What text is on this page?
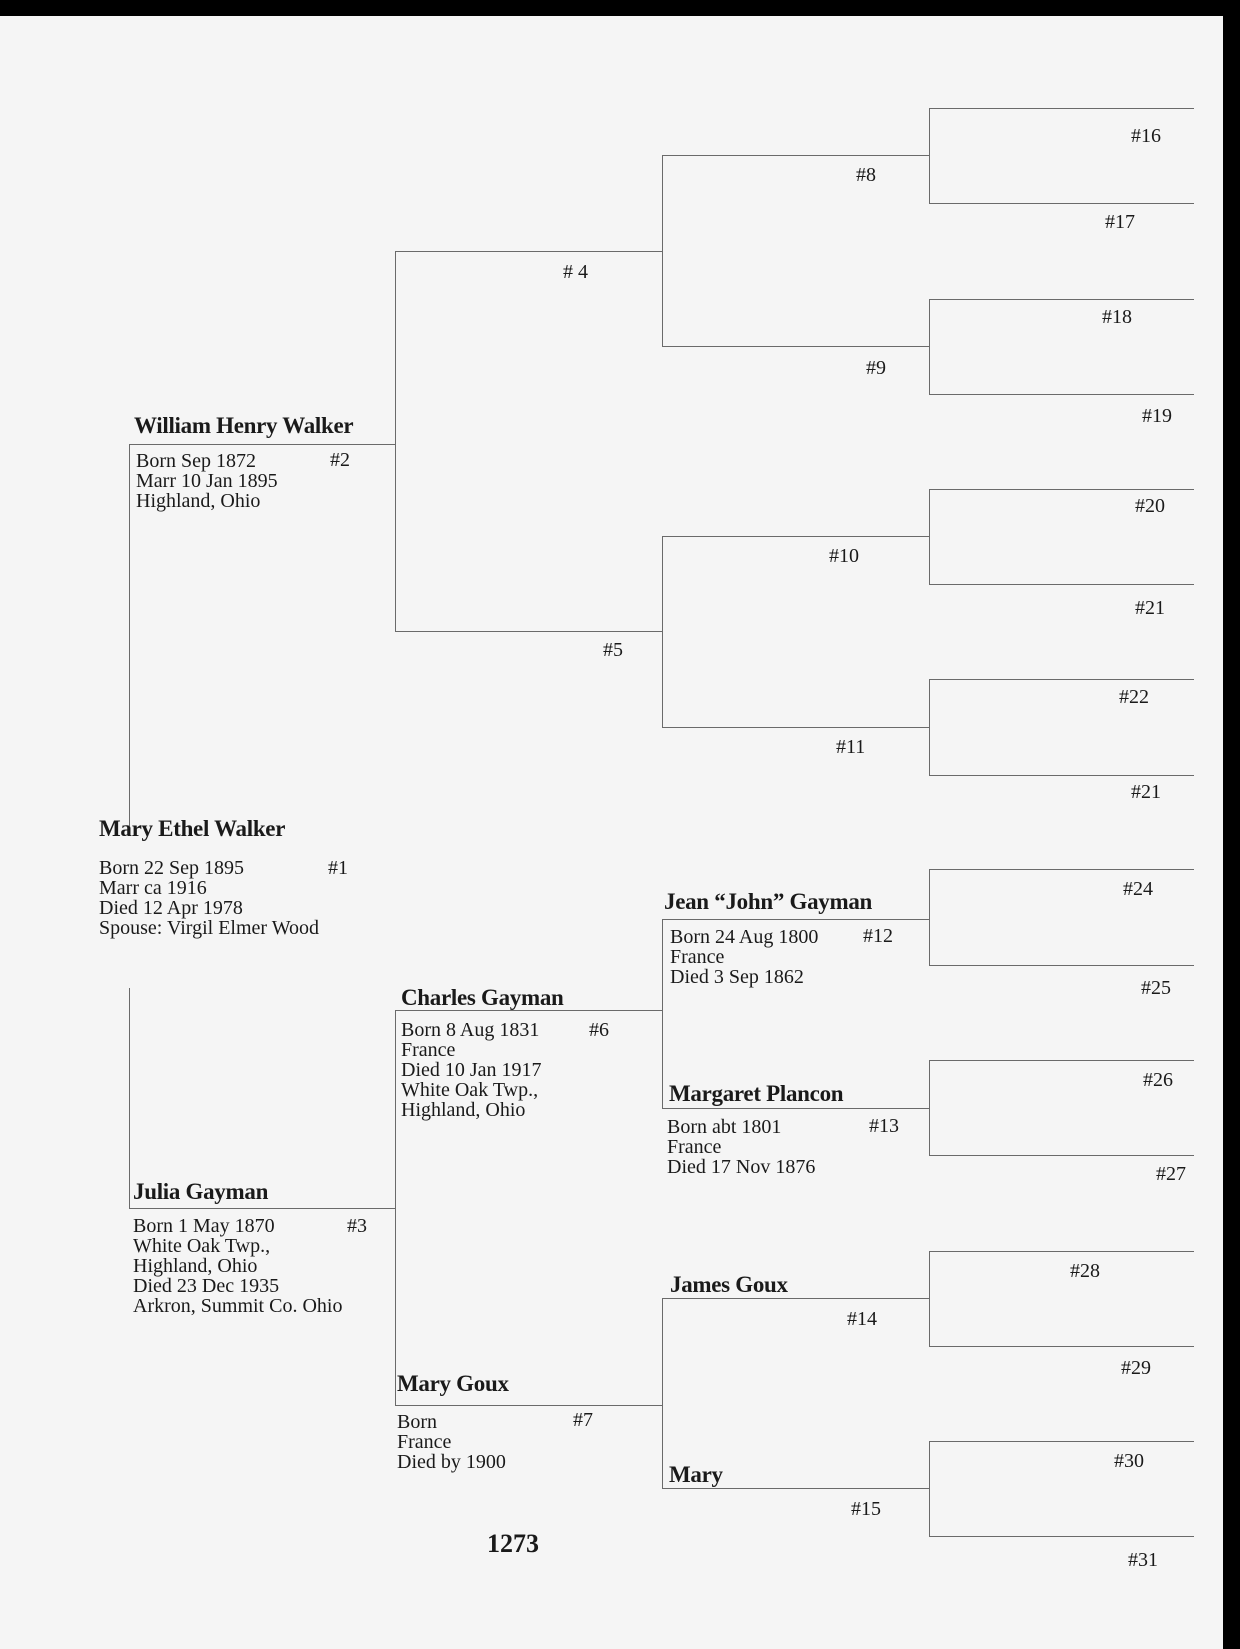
Mary Ethel Walker
#1
Born 22 Sep 1895
Marr ca 1916
Died 12 Apr 1978
Spouse: Virgil Elmer Wood
William Henry Walker
#2
Born Sep 1872
Marr 10 Jan 1895
Highland, Ohio
Julia Gayman
#3
Born 1 May 1870
White Oak Twp.,
Highland, Ohio
Died 23 Dec 1935
Arkron, Summit Co. Ohio
# 4
#5
Charles Gayman
#6
Born 8 Aug 1831
France
Died 10 Jan 1917
White Oak Twp.,
Highland, Ohio
Mary Goux
#7
Born
France
Died by 1900
#8
#9
#10
#11
Jean “John” Gayman
#12
Born 24 Aug 1800
France
Died 3 Sep 1862
Margaret Plancon
#13
Born abt 1801
France
Died 17 Nov 1876
James Goux
#14
Mary
#15
#16
#17
#18
#19
#20
#21
#22
#21
#24
#25
#26
#27
#28
#29
#30
#31
1273
